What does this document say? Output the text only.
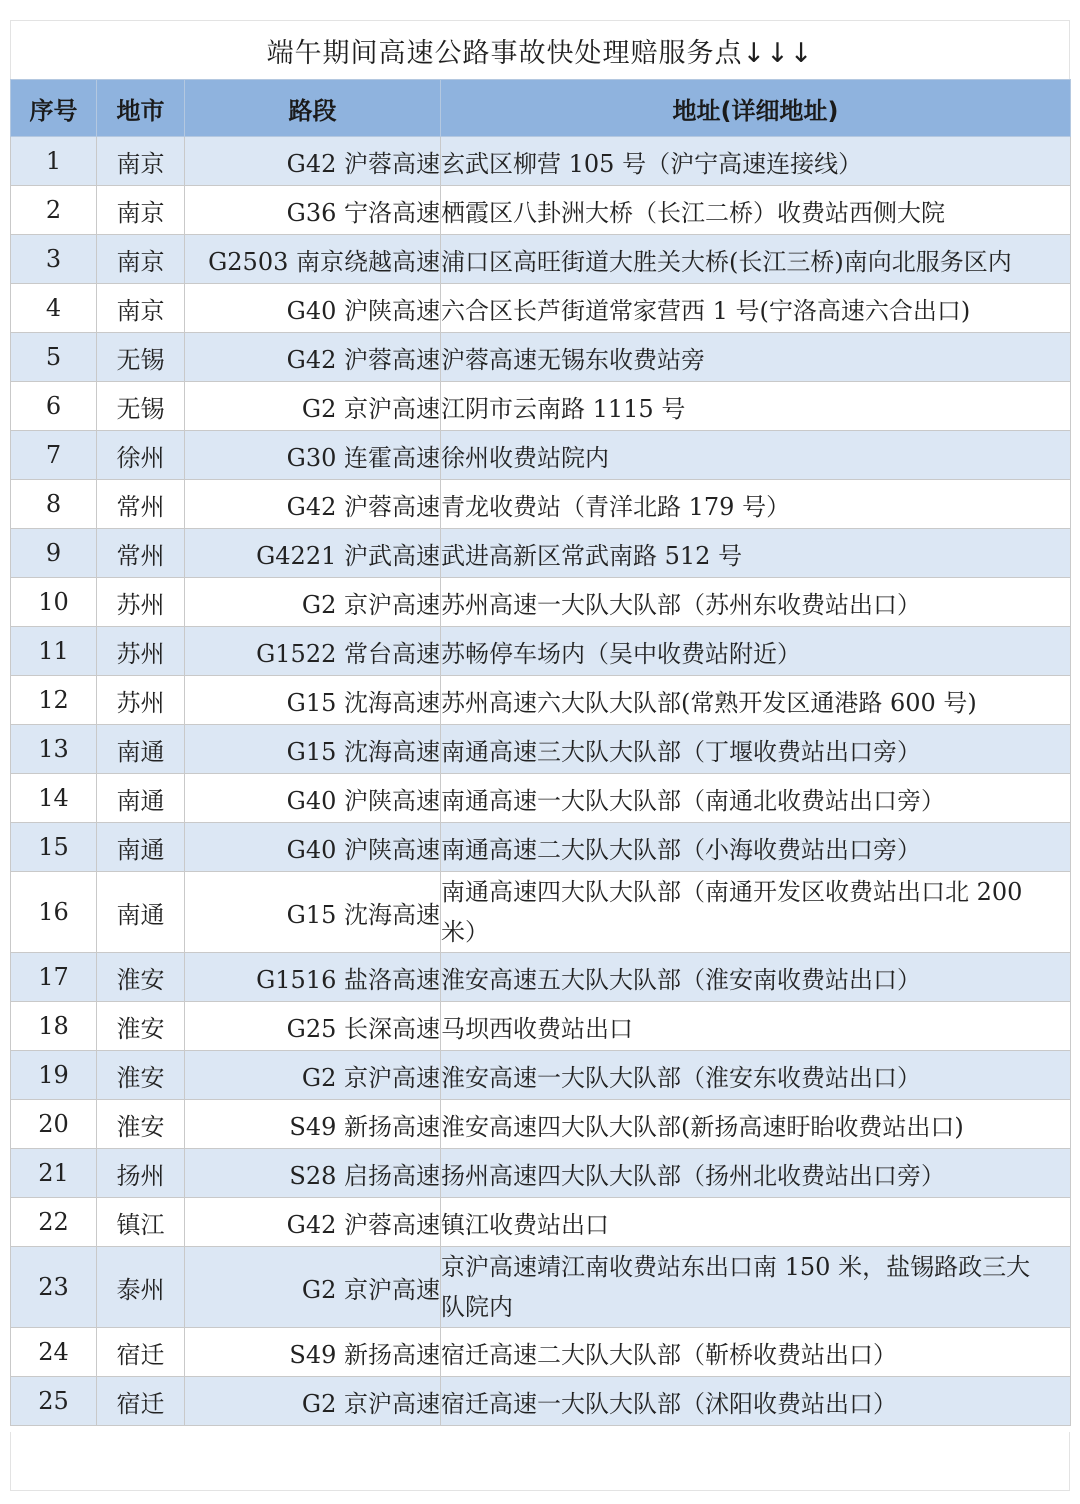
端午期间高速公路事故快处理赔服务点↓↓↓
序号	地市	路段	地址(详细地址)
1	南京	G42 沪蓉高速	玄武区柳营 105 号（沪宁高速连接线）
2	南京	G36 宁洛高速	栖霞区八卦洲大桥（长江二桥）收费站西侧大院
3	南京	G2503 南京绕越高速	浦口区高旺街道大胜关大桥(长江三桥)南向北服务区内
4	南京	G40 沪陕高速	六合区长芦街道常家营西 1 号(宁洛高速六合出口)
5	无锡	G42 沪蓉高速	沪蓉高速无锡东收费站旁
6	无锡	G2 京沪高速	江阴市云南路 1115 号
7	徐州	G30 连霍高速	徐州收费站院内
8	常州	G42 沪蓉高速	青龙收费站（青洋北路 179 号）
9	常州	G4221 沪武高速	武进高新区常武南路 512 号
10	苏州	G2 京沪高速	苏州高速一大队大队部（苏州东收费站出口）
11	苏州	G1522 常台高速	苏畅停车场内（吴中收费站附近）
12	苏州	G15 沈海高速	苏州高速六大队大队部(常熟开发区通港路 600 号)
13	南通	G15 沈海高速	南通高速三大队大队部（丁堰收费站出口旁）
14	南通	G40 沪陕高速	南通高速一大队大队部（南通北收费站出口旁）
15	南通	G40 沪陕高速	南通高速二大队大队部（小海收费站出口旁）
16	南通	G15 沈海高速	南通高速四大队大队部（南通开发区收费站出口北 200 米）
17	淮安	G1516 盐洛高速	淮安高速五大队大队部（淮安南收费站出口）
18	淮安	G25 长深高速	马坝西收费站出口
19	淮安	G2 京沪高速	淮安高速一大队大队部（淮安东收费站出口）
20	淮安	S49 新扬高速	淮安高速四大队大队部(新扬高速盱眙收费站出口)
21	扬州	S28 启扬高速	扬州高速四大队大队部（扬州北收费站出口旁）
22	镇江	G42 沪蓉高速	镇江收费站出口
23	泰州	G2 京沪高速	京沪高速靖江南收费站东出口南 150 米，盐锡路政三大队院内
24	宿迁	S49 新扬高速	宿迁高速二大队大队部（靳桥收费站出口）
25	宿迁	G2 京沪高速	宿迁高速一大队大队部（沭阳收费站出口）
